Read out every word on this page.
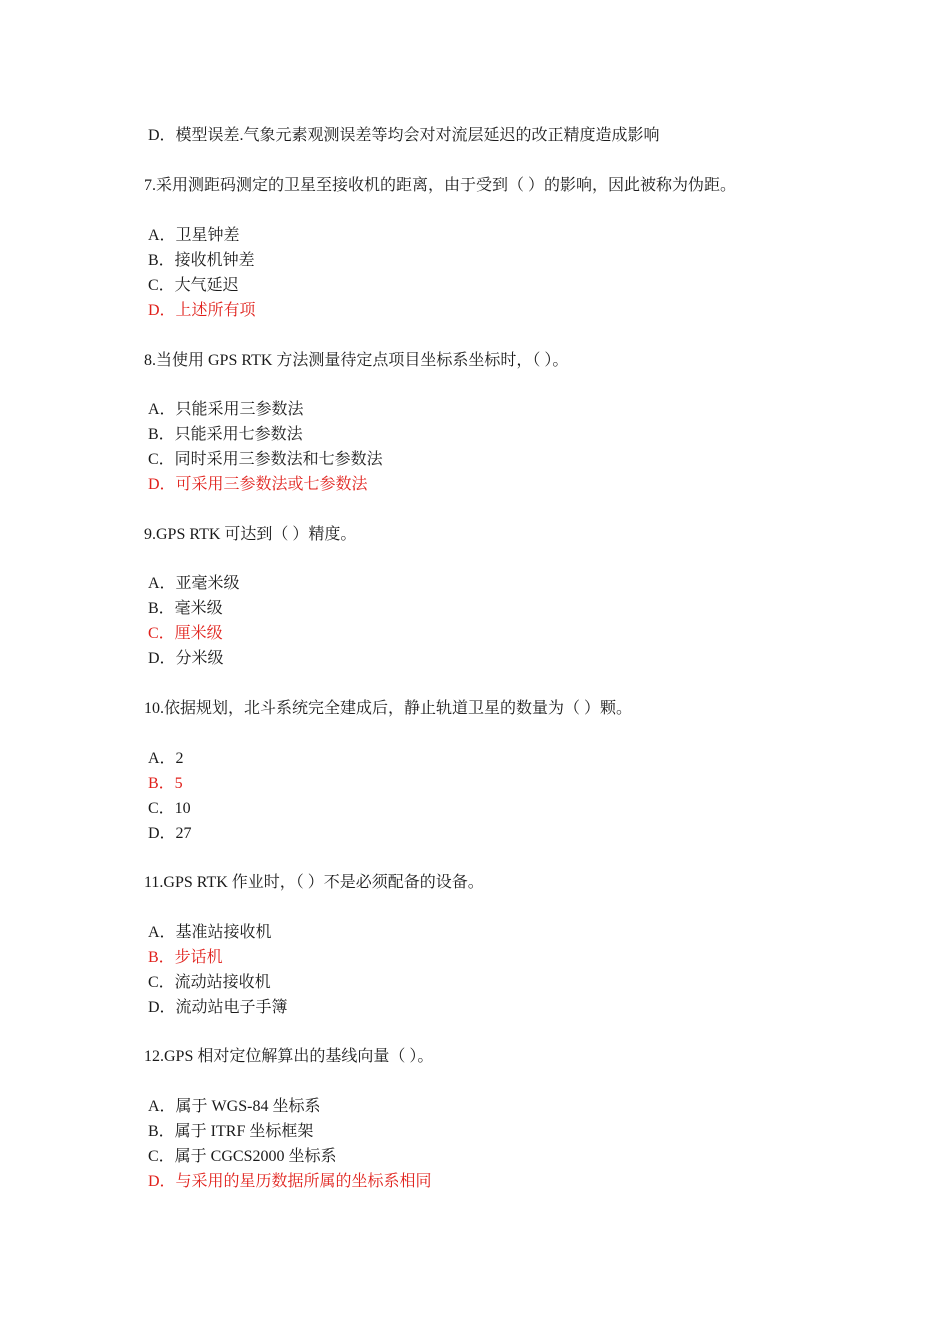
D．模型误差.气象元素观测误差等均会对对流层延迟的改正精度造成影响
7.采用测距码测定的卫星至接收机的距离，由于受到（ ）的影响，因此被称为伪距。
A．卫星钟差
B．接收机钟差
C．大气延迟
D．上述所有项
8.当使用 GPS RTK 方法测量待定点项目坐标系坐标时，（ ）。
A．只能采用三参数法
B．只能采用七参数法
C．同时采用三参数法和七参数法
D．可采用三参数法或七参数法
9.GPS RTK 可达到（ ）精度。
A．亚毫米级
B．毫米级
C．厘米级
D．分米级
10.依据规划，北斗系统完全建成后，静止轨道卫星的数量为（ ）颗。
A．2
B．5
C．10
D．27
11.GPS RTK 作业时，（ ）不是必须配备的设备。
A．基准站接收机
B．步话机
C．流动站接收机
D．流动站电子手簿
12.GPS 相对定位解算出的基线向量（ ）。
A．属于 WGS-84 坐标系
B．属于 ITRF 坐标框架
C．属于 CGCS2000 坐标系
D．与采用的星历数据所属的坐标系相同
